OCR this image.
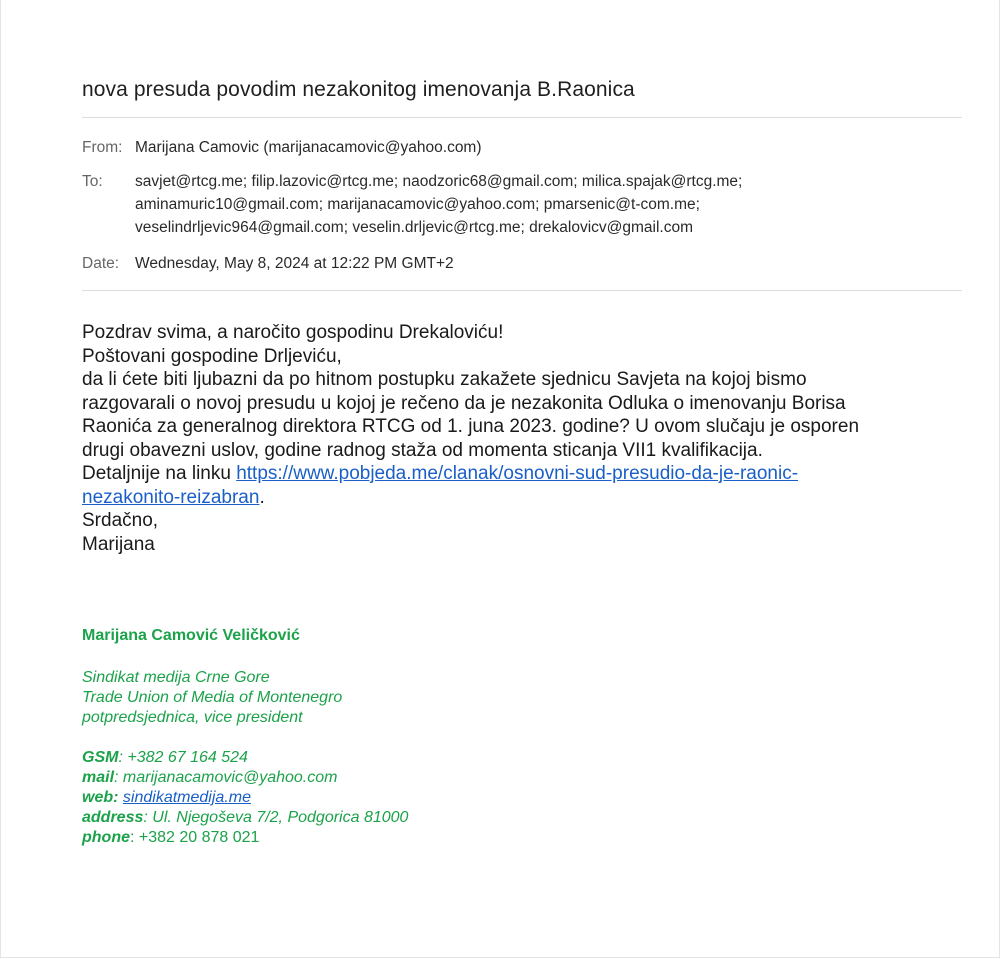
nova presuda povodim nezakonitog imenovanja B.Raonica
From: Marijana Camovic (marijanacamovic@yahoo.com)
To:	savjet@rtcg.me; filip.lazovic@rtcg.me; naodzoric68@gmail.com; milica.spajak@rtcg.me;
aminamuric10@gmail.com; marijanacamovic@yahoo.com; pmarsenic@t-com.me;
veselindrljevic964@gmail.com; veselin.drljevic@rtcg.me; drekalovicv@gmail.com
Date:	Wednesday, May 8, 2024 at 12:22 PM GMT+2
Pozdrav svima, a naročito gospodinu Drekaloviću!
Poštovani gospodine Drljeviću,
da li ćete biti ljubazni da po hitnom postupku zakažete sjednicu Savjeta na kojoj bismo
razgovarali o novoj presudu u kojoj je rečeno da je nezakonita Odluka o imenovanju Borisa
Raonića za generalnog direktora RTCG od 1. juna 2023. godine? U ovom slučaju je osporen
drugi obavezni uslov, godine radnog staža od momenta sticanja VII1 kvalifikacija.
Detaljnije na linku https://www.pobjeda.me/clanak/osnovni-sud-presudio-da-je-raonic-
nezakonito-reizabran.
Srdačno,
Marijana
Marijana Camović Veličković
Sindikat medija Crne Gore
Trade Union of Media of Montenegro
potpredsjednica, vice president
GSM: +382 67 164 524
mail: marijanacamovic@yahoo.com
web: sindikatmedija.me
address: Ul. Njegoševa 7/2, Podgorica 81000
phone: +382 20 878 021
